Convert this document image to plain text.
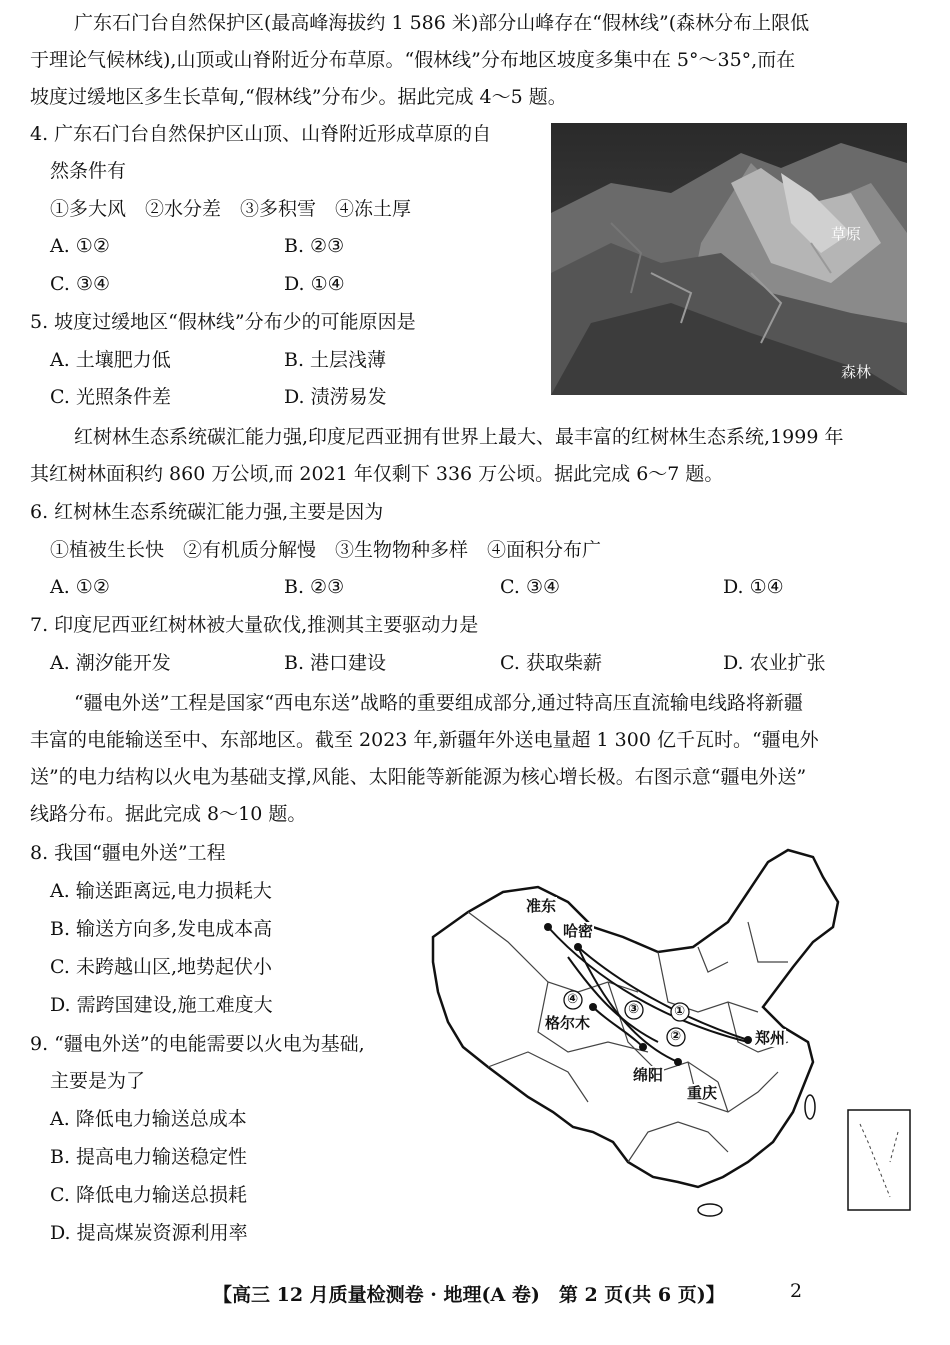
广东石门台自然保护区(最高峰海拔约 1 586 米)部分山峰存在“假林线”(森林分布上限低
于理论气候林线),山顶或山脊附近分布草原。“假林线”分布地区坡度多集中在 5°～35°,而在
坡度过缓地区多生长草甸,“假林线”分布少。据此完成 4～5 题。
4. 广东石门台自然保护区山顶、山脊附近形成草原的自
然条件有
①多大风　②水分差　③多积雪　④冻土厚
A. ①②	B. ②③
C. ③④	D. ①④
5. 坡度过缓地区“假林线”分布少的可能原因是
A. 土壤肥力低	B. 土层浅薄
C. 光照条件差	D. 渍涝易发
草原
森林
红树林生态系统碳汇能力强,印度尼西亚拥有世界上最大、最丰富的红树林生态系统,1999 年
其红树林面积约 860 万公顷,而 2021 年仅剩下 336 万公顷。据此完成 6～7 题。
6. 红树林生态系统碳汇能力强,主要是因为
①植被生长快　②有机质分解慢　③生物物种多样　④面积分布广
A. ①②	B. ②③	C. ③④	D. ①④
7. 印度尼西亚红树林被大量砍伐,推测其主要驱动力是
A. 潮汐能开发	B. 港口建设	C. 获取柴薪	D. 农业扩张
“疆电外送”工程是国家“西电东送”战略的重要组成部分,通过特高压直流输电线路将新疆
丰富的电能输送至中、东部地区。截至 2023 年,新疆年外送电量超 1 300 亿千瓦时。“疆电外
送”的电力结构以火电为基础支撑,风能、太阳能等新能源为核心增长极。右图示意“疆电外送”
线路分布。据此完成 8～10 题。
8. 我国“疆电外送”工程
A. 输送距离远,电力损耗大
B. 输送方向多,发电成本高
C. 未跨越山区,地势起伏小
D. 需跨国建设,施工难度大
9. “疆电外送”的电能需要以火电为基础,
主要是为了
A. 降低电力输送总成本
B. 提高电力输送稳定性
C. 降低电力输送总损耗
D. 提高煤炭资源利用率
准东
哈密
格尔木
绵阳
重庆
郑州
①
②
③
④
【高三 12 月质量检测卷 · 地理(A 卷)　第 2 页(共 6 页)】	2
